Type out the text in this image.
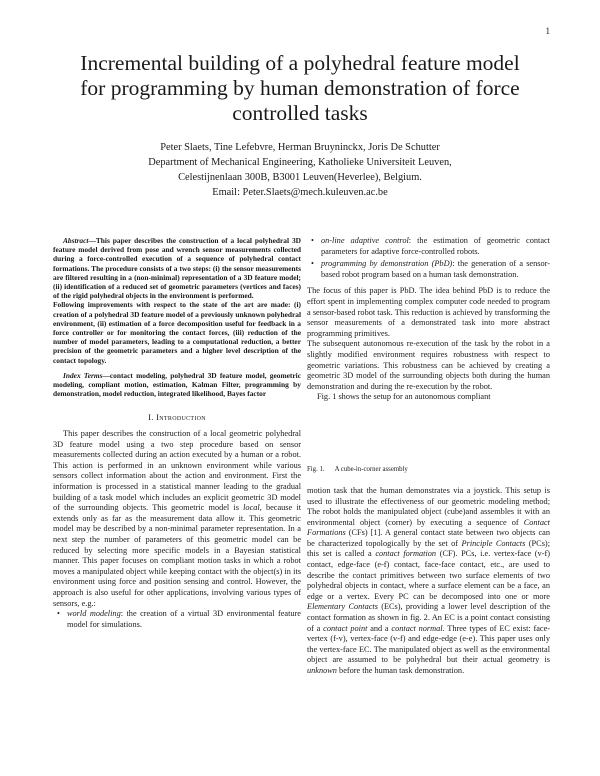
1
Incremental building of a polyhedral feature model
for programming by human demonstration of force
controlled tasks
Peter Slaets, Tine Lefebvre, Herman Bruyninckx, Joris De Schutter
Department of Mechanical Engineering, Katholieke Universiteit Leuven,
Celestijnenlaan 300B, B3001 Leuven(Heverlee), Belgium.
Email: Peter.Slaets@mech.kuleuven.ac.be

Abstract—This paper describes the construction of a local polyhedral 3D feature model derived from pose and wrench sensor measurements collected during a force-controlled execution of a sequence of polyhedral contact formations. The procedure consists of a two steps: (i) the sensor measurements are filtered resulting in a (non-minimal) representation of a 3D feature model; (ii) identification of a reduced set of geometric parameters (vertices and faces) of the rigid polyhedral objects in the environment is performed.

Following improvements with respect to the state of the art are made: (i) creation of a polyhedral 3D feature model of a previously unknown polyhedral environment, (ii) estimation of a force decomposition useful for feedback in a force controller or for monitoring the contact forces, (iii) reduction of the number of model parameters, leading to a computational reduction, a better precision of the geometric parameters and a higher level description of the contact topology.

Index Terms—contact modeling, polyhedral 3D feature model, geometric modeling, compliant motion, estimation, Kalman Filter, programming by demonstration, model reduction, integrated likelihood, Bayes factor
I. Introduction

This paper describes the construction of a local geometric polyhedral 3D feature model using a two step procedure based on sensor measurements collected during an action executed by a human or a robot. This action is performed in an unknown environment while various sensors collect information about the action and environment. First the information is processed in a statistical manner leading to the gradual building of a task model which includes an explicit geometric 3D model of the surrounding objects. This geometric model is local, because it extends only as far as the measurement data allow it. This geometric model may be described by a non-minimal parameter representation. In a next step the number of parameters of this geometric model can be reduced by selecting more specific models in a Bayesian statistical manner. This paper focuses on compliant motion tasks in which a robot moves a manipulated object while keeping contact with the object(s) in its environment using force and position sensing and control. However, the approach is also useful for other applications, involving various types of sensors, e.g.:

• world modeling: the creation of a virtual 3D environmental feature model for simulations.
• on-line adaptive control: the estimation of geometric contact parameters for adaptive force-controlled robots.
• programming by demonstration (PbD): the generation of a sensor-based robot program based on a human task demonstration.

The focus of this paper is PbD. The idea behind PbD is to reduce the effort spent in implementing complex computer code needed to program a sensor-based robot task. This reduction is achieved by transforming the sensor measurements of a demonstrated task into more abstract programming primitives.

The subsequent autonomous re-execution of the task by the robot in a slightly modified environment requires robustness with respect to geometric variations. This robustness can be achieved by creating a geometric 3D model of the surrounding objects both during the human demonstration and during the re-execution by the robot.

Fig. 1 shows the setup for an autonomous compliant

Fig. 1. A cube-in-corner assembly

motion task that the human demonstrates via a joystick. This setup is used to illustrate the effectiveness of our geometric modeling method; The robot holds the manipulated object (cube)and assembles it with an environmental object (corner) by executing a sequence of Contact Formations (CFs) [1]. A general contact state between two objects can be characterized topologically by the set of Principle Contacts (PCs); this set is called a contact formation (CF). PCs, i.e. vertex-face (v-f) contact, edge-face (e-f) contact, face-face contact, etc., are used to describe the contact primitives between two surface elements of two polyhedral objects in contact, where a surface element can be a face, an edge or a vertex. Every PC can be decomposed into one or more Elementary Contacts (ECs), providing a lower level description of the contact formation as shown in fig. 2. An EC is a point contact consisting of a contact point and a contact normal. Three types of EC exist: face-vertex (f-v), vertex-face (v-f) and edge-edge (e-e). This paper uses only the vertex-face EC. The manipulated object as well as the environmental object are assumed to be polyhedral but their actual geometry is unknown before the human task demonstration.
